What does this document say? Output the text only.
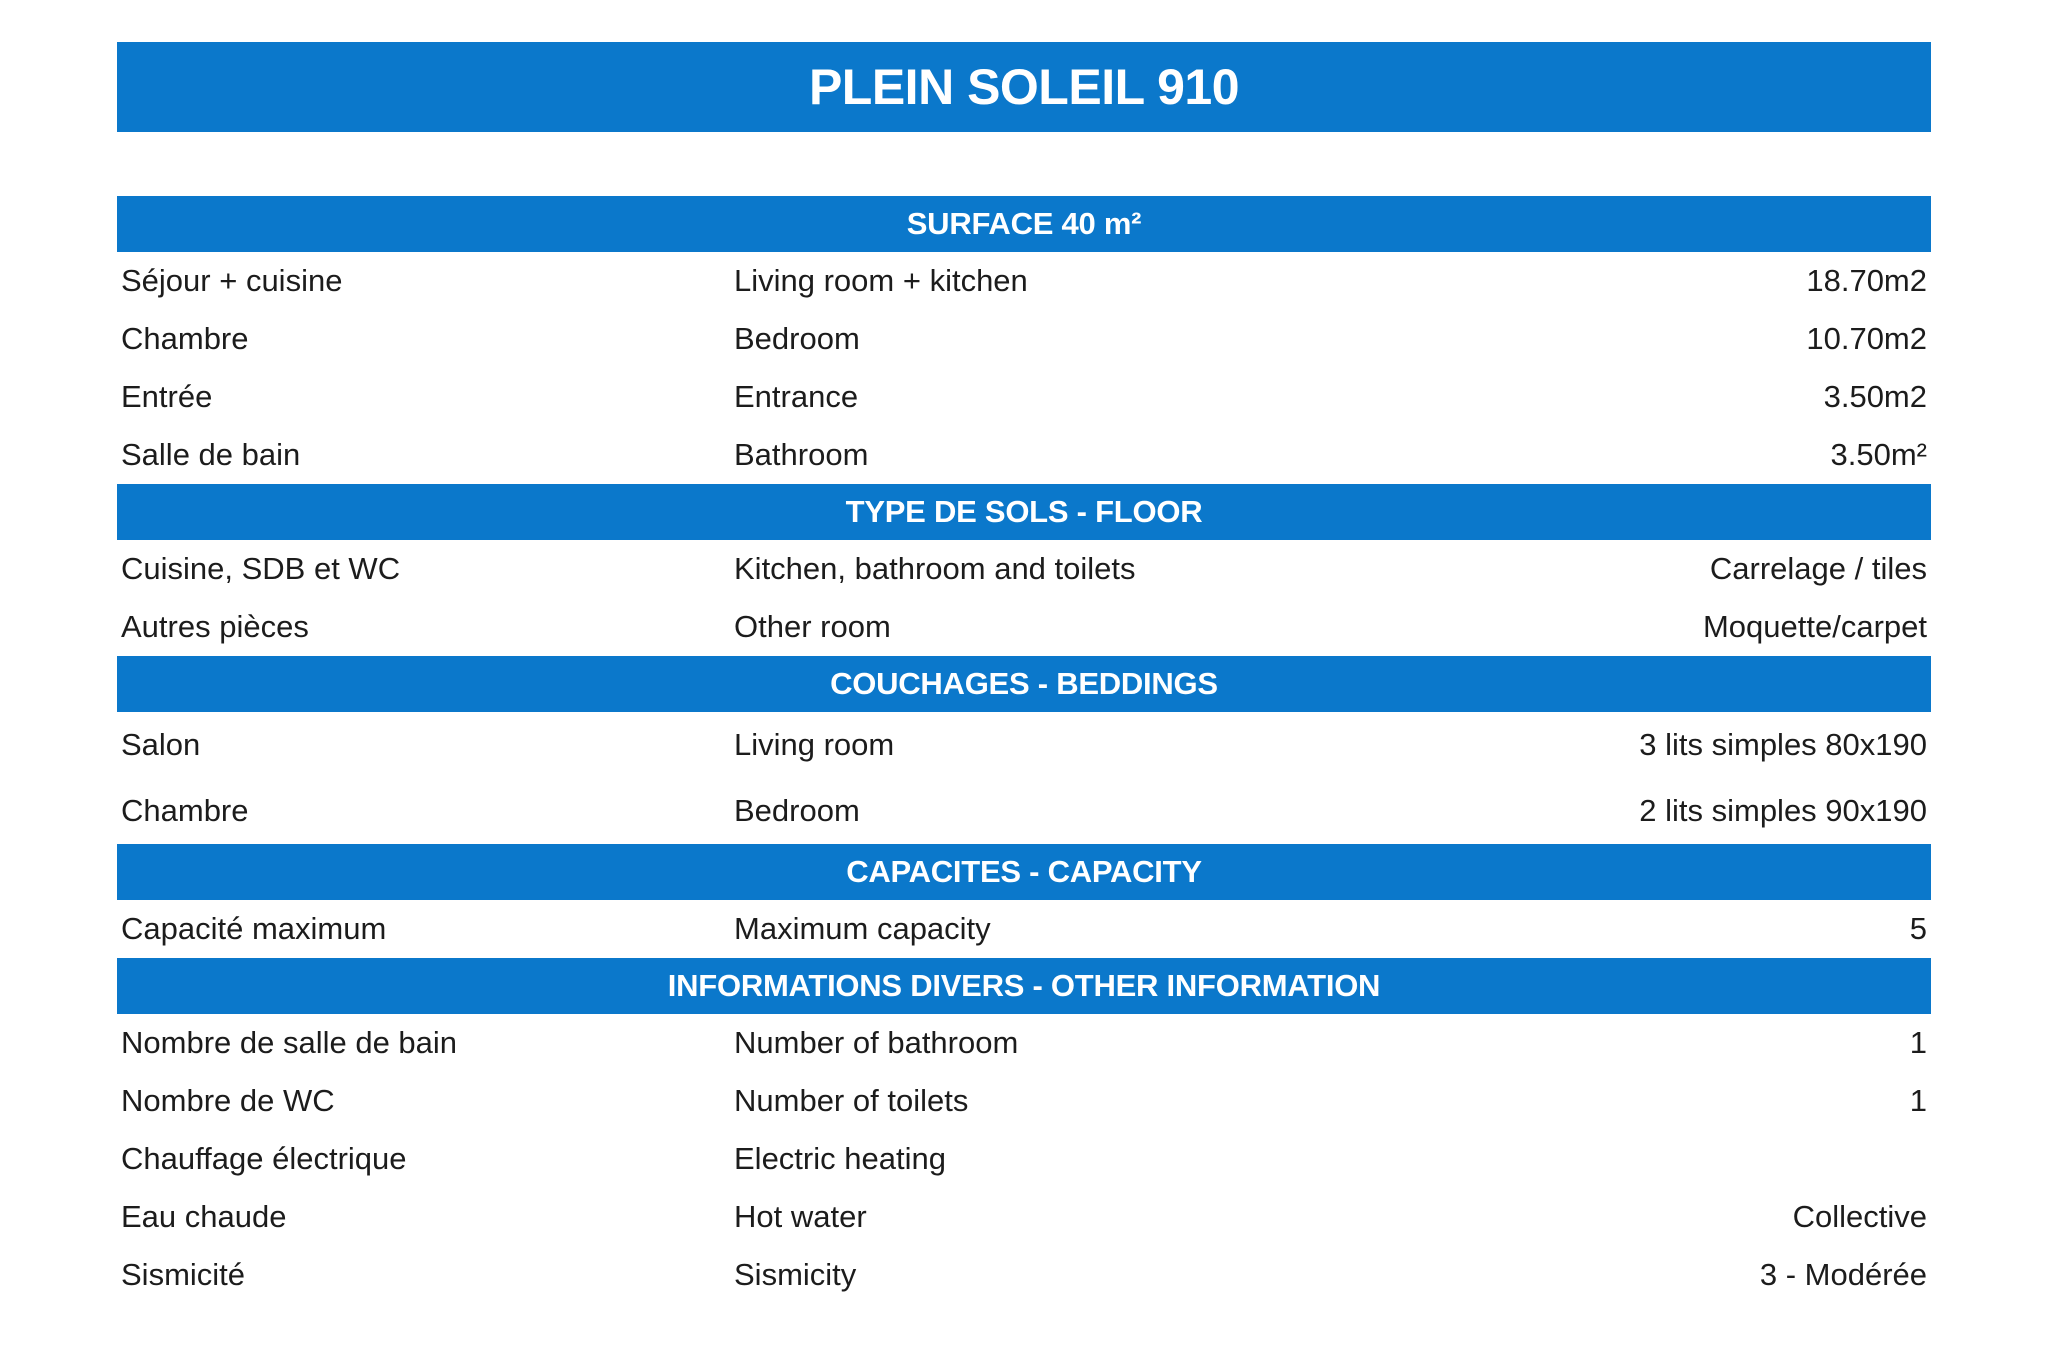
PLEIN SOLEIL 910
SURFACE 40 m²
Séjour + cuisine	Living room + kitchen	18.70m2
Chambre	Bedroom	10.70m2
Entrée	Entrance	3.50m2
Salle de bain	Bathroom	3.50m²
TYPE DE SOLS - FLOOR
Cuisine, SDB et WC	Kitchen, bathroom and toilets	Carrelage / tiles
Autres pièces	Other room	Moquette/carpet
COUCHAGES - BEDDINGS
Salon	Living room	3 lits simples 80x190
Chambre	Bedroom	2 lits simples 90x190
CAPACITES - CAPACITY
Capacité maximum	Maximum capacity	5
INFORMATIONS DIVERS - OTHER INFORMATION
Nombre de salle de bain	Number of bathroom	1
Nombre de WC	Number of toilets	1
Chauffage électrique	Electric heating
Eau chaude	Hot water	Collective
Sismicité	Sismicity	3 - Modérée
